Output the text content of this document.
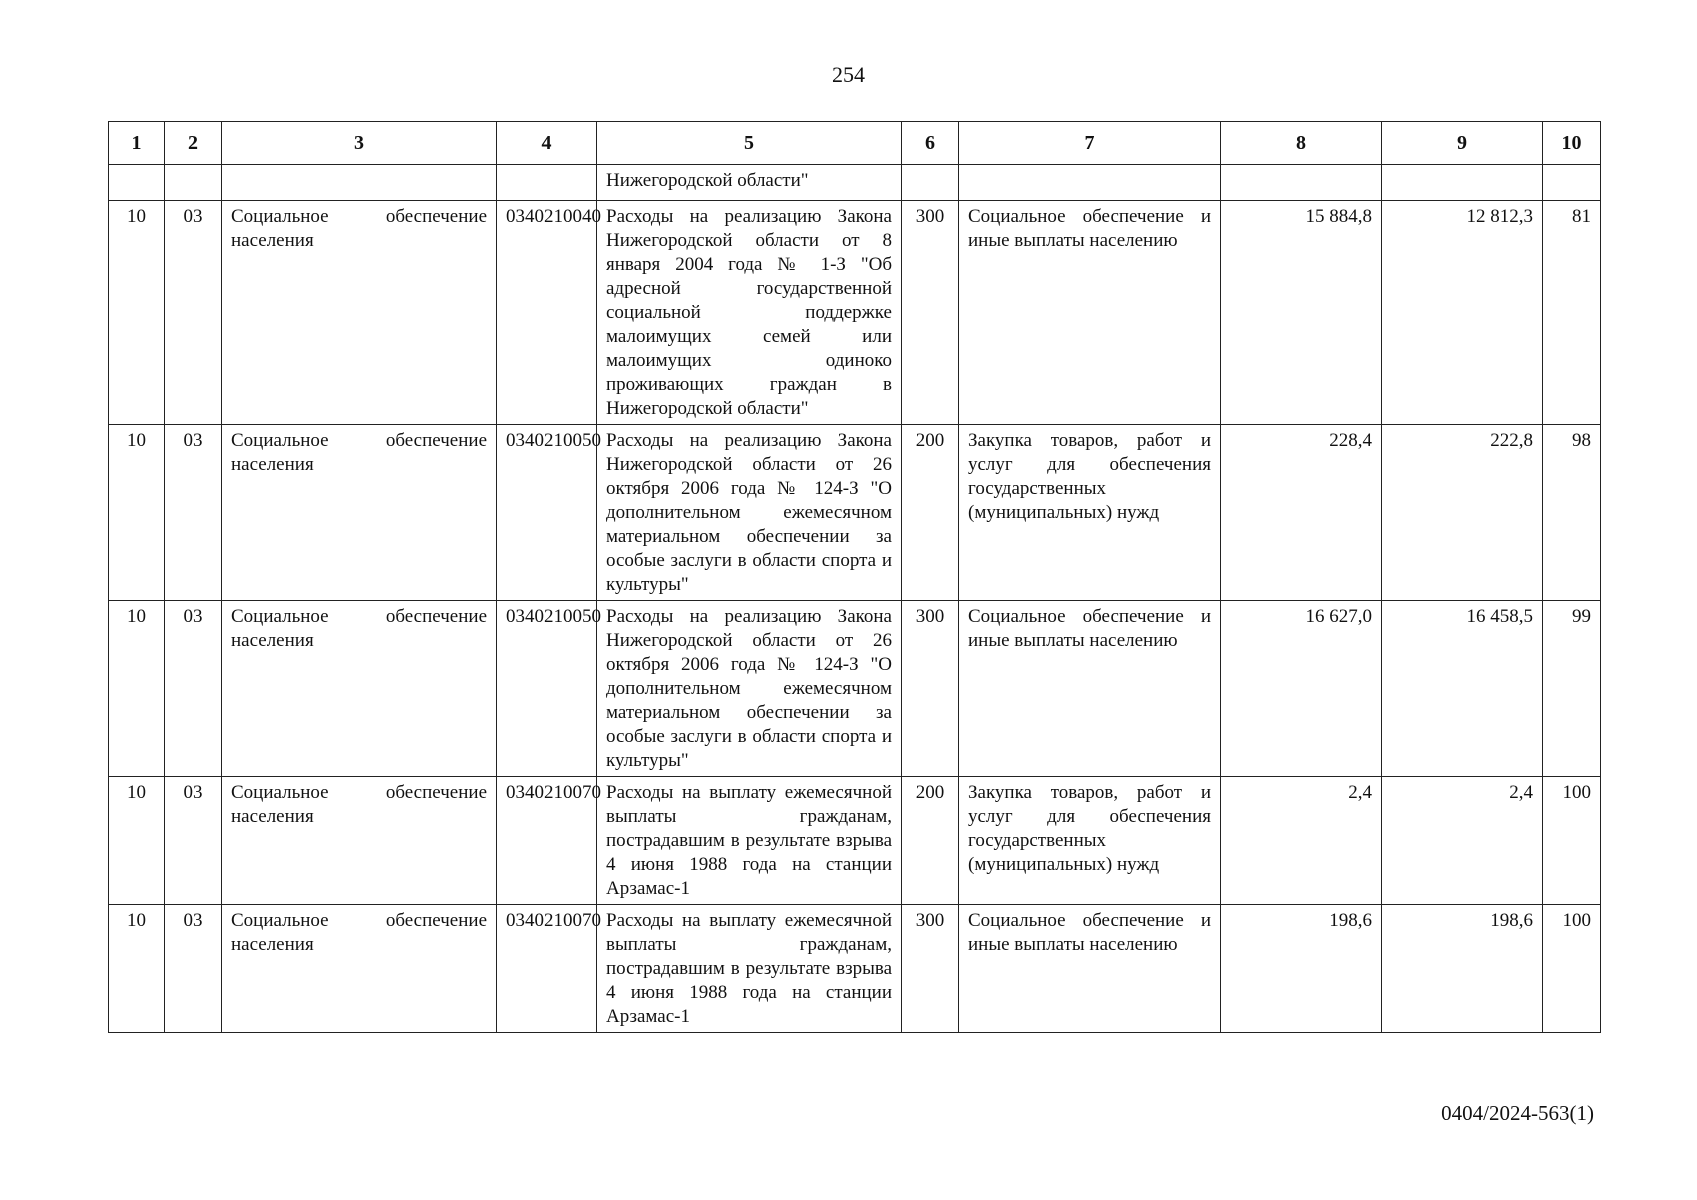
254
1	2	3	4	5	6	7	8	9	10
				Нижегородской области"					
10	03	Социальное обеспечение населения	0340210040	Расходы на реализацию Закона Нижегородской области от 8 января 2004 года № 1-З "Об адресной государственной социальной поддержке малоимущих семей или малоимущих одиноко проживающих граждан в Нижегородской области"	300	Социальное обеспечение и иные выплаты населению	15 884,8	12 812,3	81
10	03	Социальное обеспечение населения	0340210050	Расходы на реализацию Закона Нижегородской области от 26 октября 2006 года № 124-З "О дополнительном ежемесячном материальном обеспечении за особые заслуги в области спорта и культуры"	200	Закупка товаров, работ и услуг для обеспечения государственных (муниципальных) нужд	228,4	222,8	98
10	03	Социальное обеспечение населения	0340210050	Расходы на реализацию Закона Нижегородской области от 26 октября 2006 года № 124-З "О дополнительном ежемесячном материальном обеспечении за особые заслуги в области спорта и культуры"	300	Социальное обеспечение и иные выплаты населению	16 627,0	16 458,5	99
10	03	Социальное обеспечение населения	0340210070	Расходы на выплату ежемесячной выплаты гражданам, пострадавшим в результате взрыва 4 июня 1988 года на станции Арзамас-1	200	Закупка товаров, работ и услуг для обеспечения государственных (муниципальных) нужд	2,4	2,4	100
10	03	Социальное обеспечение населения	0340210070	Расходы на выплату ежемесячной выплаты гражданам, пострадавшим в результате взрыва 4 июня 1988 года на станции Арзамас-1	300	Социальное обеспечение и иные выплаты населению	198,6	198,6	100
0404/2024-563(1)
